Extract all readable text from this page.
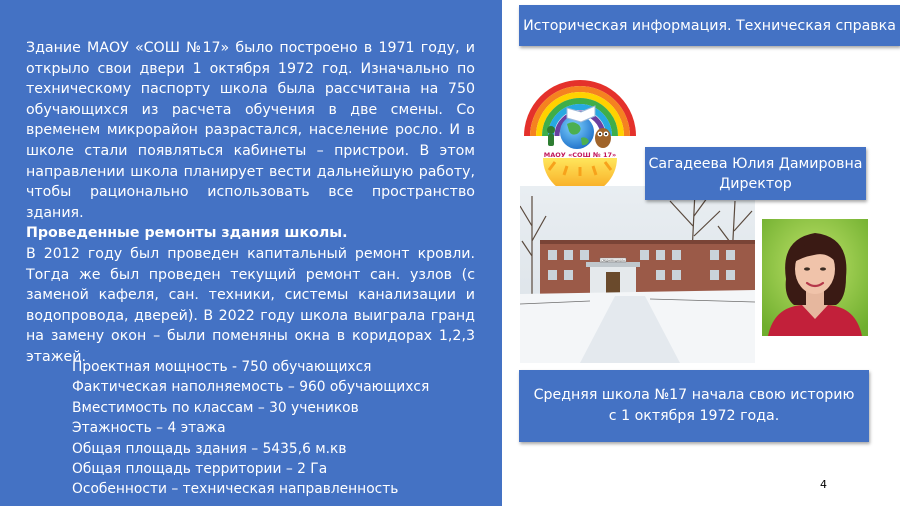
Здание МАОУ «СОШ №17» было построено в 1971 году, и открыло свои двери 1 октября 1972 год. Изначально по техническому паспорту школа была рассчитана на 750 обучающихся из расчета обучения в две смены. Со временем микрорайон разрастался, население росло. И в школе стали появляться кабинеты – пристрои. В этом направлении школа планирует вести дальнейшую работу, чтобы рационально использовать все пространство здания.

Проведенные ремонты здания школы.

В 2012 году был проведен капитальный ремонт кровли. Тогда же был проведен текущий ремонт сан. узлов (с заменой кафеля, сан. техники, системы канализации и водопровода, дверей). В 2022 году школа выиграла гранд на замену окон – были поменяны окна в коридорах 1,2,3 этажей.

Проектная мощность - 750 обучающихся
Фактическая наполняемость – 960 обучающихся
Вместимость по классам – 30 учеников
Этажность – 4 этажа
Общая площадь здания – 5435,6 м.кв
Общая площадь территории – 2 Га
Особенности – техническая направленность
Историческая информация. Техническая справка
МАОУ «СОШ № 17»
СРЕДНЯЯ ШКОЛА
Сагадеева Юлия Дамировна
Директор
Средняя школа №17 начала свою историю
с 1 октября 1972 года.
4
